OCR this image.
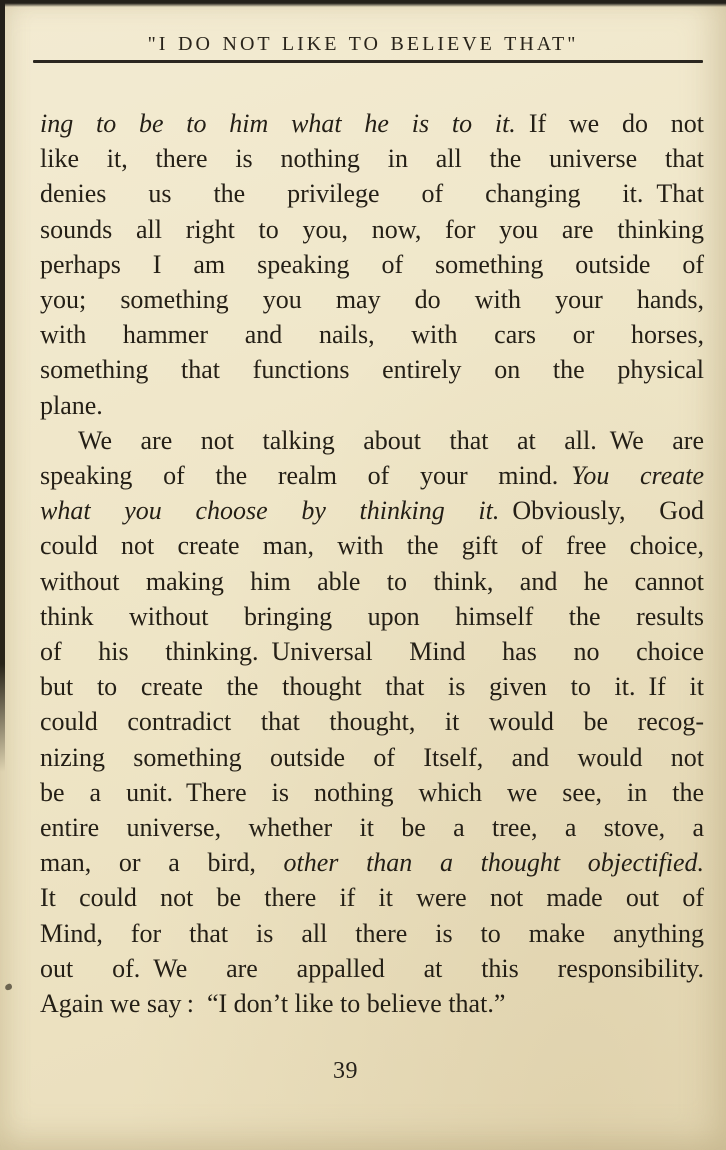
"I DO NOT LIKE TO BELIEVE THAT"
ing to be to him what he is to it. If we do not
like it, there is nothing in all the universe that
denies us the privilege of changing it. That
sounds all right to you, now, for you are thinking
perhaps I am speaking of something outside of
you; something you may do with your hands,
with hammer and nails, with cars or horses,
something that functions entirely on the physical
plane.
We are not talking about that at all. We are
speaking of the realm of your mind. You create
what you choose by thinking it. Obviously, God
could not create man, with the gift of free choice,
without making him able to think, and he cannot
think without bringing upon himself the results
of his thinking. Universal Mind has no choice
but to create the thought that is given to it. If it
could contradict that thought, it would be recog-
nizing something outside of Itself, and would not
be a unit. There is nothing which we see, in the
entire universe, whether it be a tree, a stove, a
man, or a bird, other than a thought objectified.
It could not be there if it were not made out of
Mind, for that is all there is to make anything
out of. We are appalled at this responsibility.
Again we say : “I don’t like to believe that.”
39
